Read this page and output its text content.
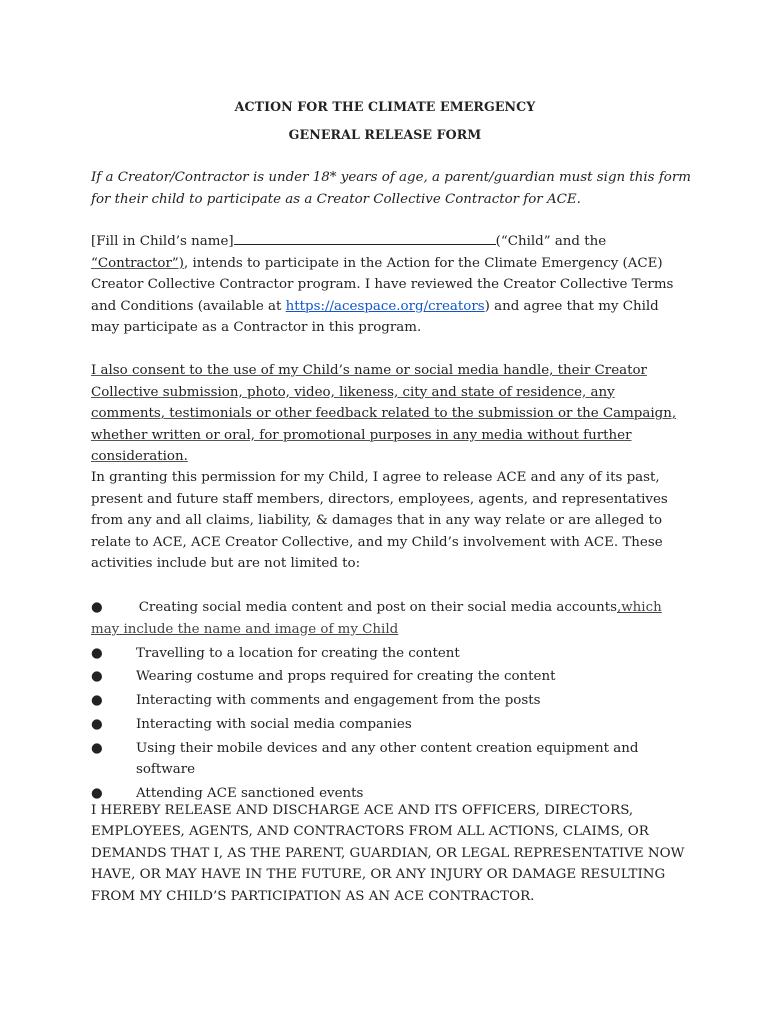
ACTION FOR THE CLIMATE EMERGENCY
GENERAL RELEASE FORM
If a Creator/Contractor is under 18* years of age, a parent/guardian must sign this form for their child to participate as a Creator Collective Contractor for ACE.
[Fill in Child’s name]	(“Child” and the “Contractor”), intends to participate in the Action for the Climate Emergency (ACE) Creator Collective Contractor program. I have reviewed the Creator Collective Terms and Conditions (available at https://acespace.org/creators) and agree that my Child may participate as a Contractor in this program.
I also consent to the use of my Child’s name or social media handle, their Creator Collective submission, photo, video, likeness, city and state of residence, any comments, testimonials or other feedback related to the submission or the Campaign, whether written or oral, for promotional purposes in any media without further consideration.
In granting this permission for my Child, I agree to release ACE and any of its past, present and future staff members, directors, employees, agents, and representatives from any and all claims, liability, & damages that in any way relate or are alleged to relate to ACE, ACE Creator Collective, and my Child’s involvement with ACE. These activities include but are not limited to:
●	Creating social media content and post on their social media accounts,which may include the name and image of my Child
● Travelling to a location for creating the content
● Wearing costume and props required for creating the content
● Interacting with comments and engagement from the posts
● Interacting with social media companies
● Using their mobile devices and any other content creation equipment and software
● Attending ACE sanctioned events
I HEREBY RELEASE AND DISCHARGE ACE AND ITS OFFICERS, DIRECTORS, EMPLOYEES, AGENTS, AND CONTRACTORS FROM ALL ACTIONS, CLAIMS, OR DEMANDS THAT I, AS THE PARENT, GUARDIAN, OR LEGAL REPRESENTATIVE NOW HAVE, OR MAY HAVE IN THE FUTURE, OR ANY INJURY OR DAMAGE RESULTING FROM MY CHILD’S PARTICIPATION AS AN ACE CONTRACTOR.
